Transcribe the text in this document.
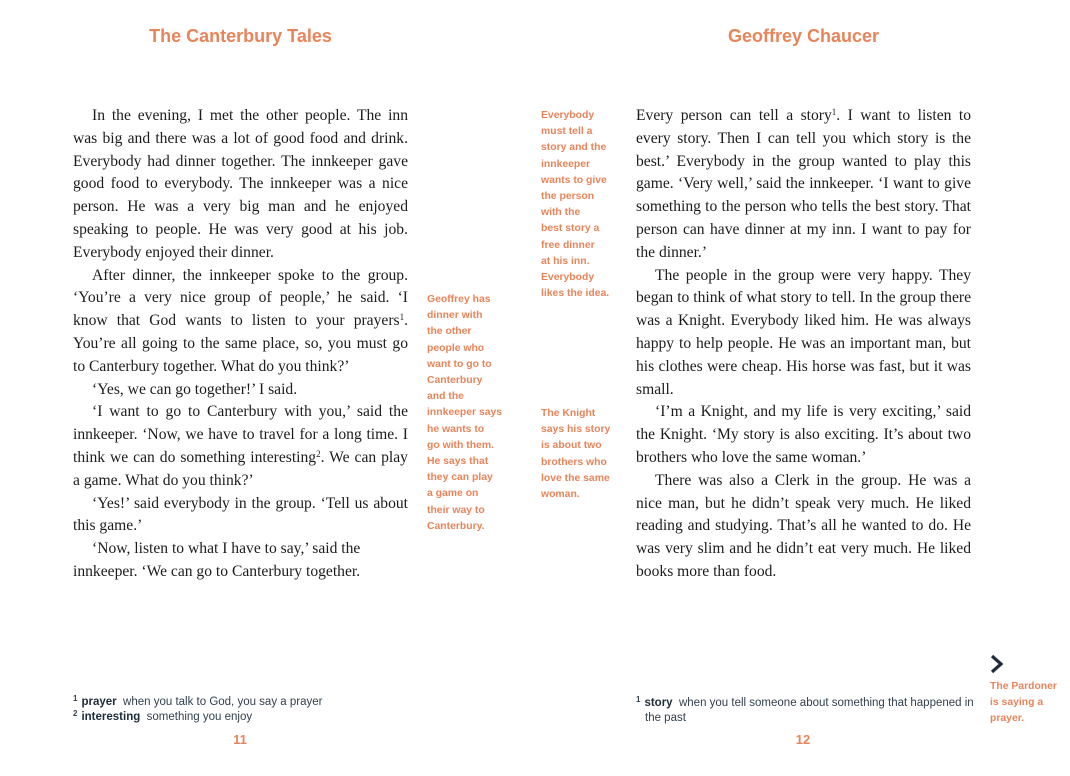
The Canterbury Tales

In the evening, I met the other people. The inn was big and there was a lot of good food and drink. Everybody had dinner together. The innkeeper gave good food to everybody. The innkeeper was a nice person. He was a very big man and he enjoyed speaking to people. He was very good at his job. Everybody enjoyed their dinner.

After dinner, the innkeeper spoke to the group. ‘You’re a very nice group of people,’ he said. ‘I know that God wants to listen to your prayers$^1$. You’re all going to the same place, so, you must go to Canterbury together. What do you think?’

‘Yes, we can go together!’ I said.

‘I want to go to Canterbury with you,’ said the innkeeper. ‘Now, we have to travel for a long time. I think we can do something interesting$^2$. We can play a game. What do you think?’

‘Yes!’ said everybody in the group. ‘Tell us about this game.’

‘Now, listen to what I have to say,’ said the innkeeper. ‘We can go to Canterbury together.

Geoffrey has
dinner with
the other
people who
want to go to
Canterbury
and the
innkeeper says
he wants to
go with them.
He says that
they can play
a game on
their way to
Canterbury.
Everybody
must tell a
story and the
innkeeper
wants to give
the person
with the
best story a
free dinner
at his inn.
Everybody
likes the idea.
The Knight
says his story
is about two
brothers who
love the same
woman.
Geoffrey Chaucer

Every person can tell a story$^1$. I want to listen to every story. Then I can tell you which story is the best.’ Everybody in the group wanted to play this game. ‘Very well,’ said the innkeeper. ‘I want to give something to the person who tells the best story. That person can have dinner at my inn. I want to pay for the dinner.’

The people in the group were very happy. They began to think of what story to tell. In the group there was a Knight. Everybody liked him. He was always happy to help people. He was an important man, but his clothes were cheap. His horse was fast, but it was small.

‘I’m a Knight, and my life is very exciting,’ said the Knight. ‘My story is also exciting. It’s about two brothers who love the same woman.’

There was also a Clerk in the group. He was a nice man, but he didn’t speak very much. He liked reading and studying. That’s all he wanted to do. He was very slim and he didn’t eat very much. He liked books more than food.

The Pardoner
is saying a
prayer.
$^1$ prayer when you talk to God, you say a prayer
$^2$ interesting something you enjoy
$^1$ story when you tell someone about something that happened in the past
11	12
